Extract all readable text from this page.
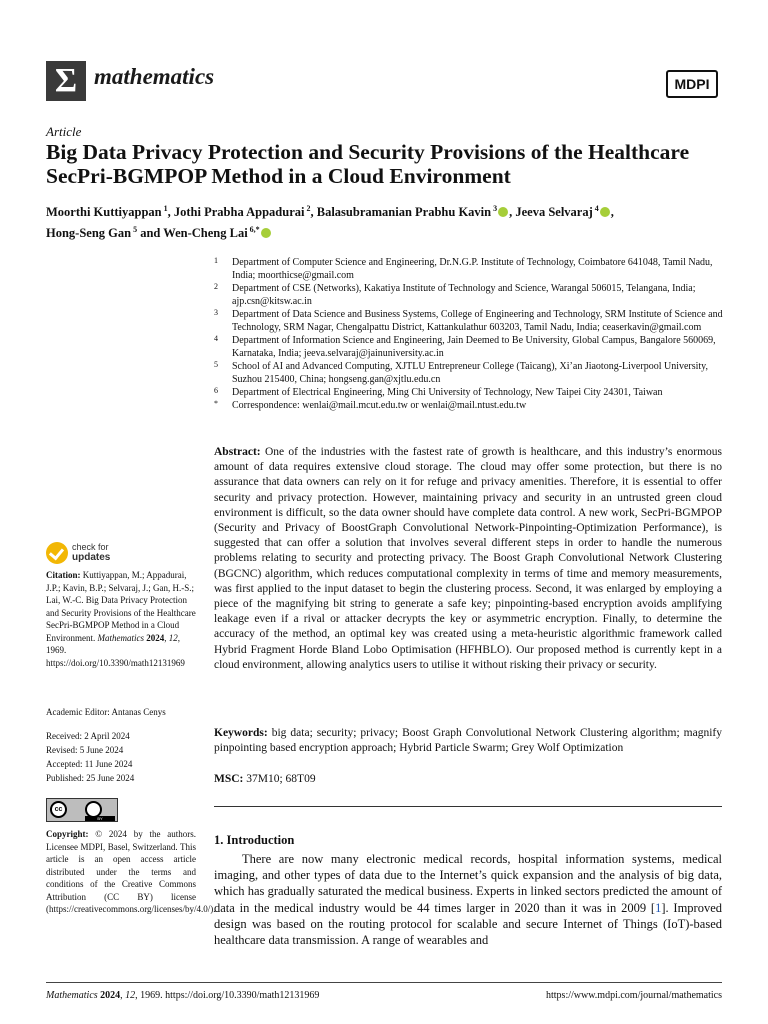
Σ mathematics	MDPI
Article
Big Data Privacy Protection and Security Provisions of the Healthcare SecPri-BGMPOP Method in a Cloud Environment
Moorthi Kuttiyappan $^1$, Jothi Prabha Appadurai $^2$, Balasubramanian Prabhu Kavin $^3$ , Jeeva Selvaraj $^4$ ,
Hong-Seng Gan $^5$ and Wen-Cheng Lai $^{6,*}$
1 Department of Computer Science and Engineering, Dr.N.G.P. Institute of Technology, Coimbatore 641048, Tamil Nadu, India; moorthicse@gmail.com
2 Department of CSE (Networks), Kakatiya Institute of Technology and Science, Warangal 506015, Telangana, India; ajp.csn@kitsw.ac.in
3 Department of Data Science and Business Systems, College of Engineering and Technology, SRM Institute of Science and Technology, SRM Nagar, Chengalpattu District, Kattankulathur 603203, Tamil Nadu, India; ceaserkavin@gmail.com
4 Department of Information Science and Engineering, Jain Deemed to Be University, Global Campus, Bangalore 560069, Karnataka, India; jeeva.selvaraj@jainuniversity.ac.in
5 School of AI and Advanced Computing, XJTLU Entrepreneur College (Taicang), Xi’an Jiaotong-Liverpool University, Suzhou 215400, China; hongseng.gan@xjtlu.edu.cn
6 Department of Electrical Engineering, Ming Chi University of Technology, New Taipei City 24301, Taiwan
* Correspondence: wenlai@mail.mcut.edu.tw or wenlai@mail.ntust.edu.tw
Abstract: One of the industries with the fastest rate of growth is healthcare, and this industry’s enormous amount of data requires extensive cloud storage. The cloud may offer some protection, but there is no assurance that data owners can rely on it for refuge and privacy amenities. Therefore, it is essential to offer security and privacy protection. However, maintaining privacy and security in an untrusted green cloud environment is difficult, so the data owner should have complete data control. A new work, SecPri-BGMPOP (Security and Privacy of BoostGraph Convolutional Network-Pinpointing-Optimization Performance), is suggested that can offer a solution that involves several different steps in order to handle the numerous problems relating to security and protecting privacy. The Boost Graph Convolutional Network Clustering (BGCNC) algorithm, which reduces computational complexity in terms of time and memory measurements, was first applied to the input dataset to begin the clustering process. Second, it was enlarged by employing a piece of the magnifying bit string to generate a safe key; pinpointing-based encryption avoids amplifying leakage even if a rival or attacker decrypts the key or asymmetric encryption. Finally, to determine the accuracy of the method, an optimal key was created using a meta-heuristic algorithmic framework called Hybrid Fragment Horde Bland Lobo Optimisation (HFHBLO). Our proposed method is currently kept in a cloud environment, allowing analytics users to utilise it without risking their privacy or security.
Keywords: big data; security; privacy; Boost Graph Convolutional Network Clustering algorithm; magnify pinpointing based encryption approach; Hybrid Particle Swarm; Grey Wolf Optimization
MSC: 37M10; 68T09
1. Introduction
There are now many electronic medical records, hospital information systems, medical imaging, and other types of data due to the Internet’s quick expansion and the analysis of big data, which has gradually saturated the medical business. Experts in linked sectors predicted the amount of data in the medical industry would be 44 times larger in 2020 than it was in 2009 [1]. Improved design was based on the routing protocol for scalable and secure Internet of Things (IoT)-based healthcare data transmission. A range of wearables and
check for
updates
Citation: Kuttiyappan, M.; Appadurai, J.P.; Kavin, B.P.; Selvaraj, J.; Gan, H.-S.; Lai, W.-C. Big Data Privacy Protection and Security Provisions of the Healthcare SecPri-BGMPOP Method in a Cloud Environment. Mathematics 2024, 12, 1969. https://doi.org/10.3390/math12131969
Academic Editor: Antanas Cenys
Received: 2 April 2024
Revised: 5 June 2024
Accepted: 11 June 2024
Published: 25 June 2024
cc
BY
Copyright: © 2024 by the authors. Licensee MDPI, Basel, Switzerland. This article is an open access article distributed under the terms and conditions of the Creative Commons Attribution (CC BY) license (https://creativecommons.org/licenses/by/4.0/).
Mathematics 2024, 12, 1969. https://doi.org/10.3390/math12131969	https://www.mdpi.com/journal/mathematics
